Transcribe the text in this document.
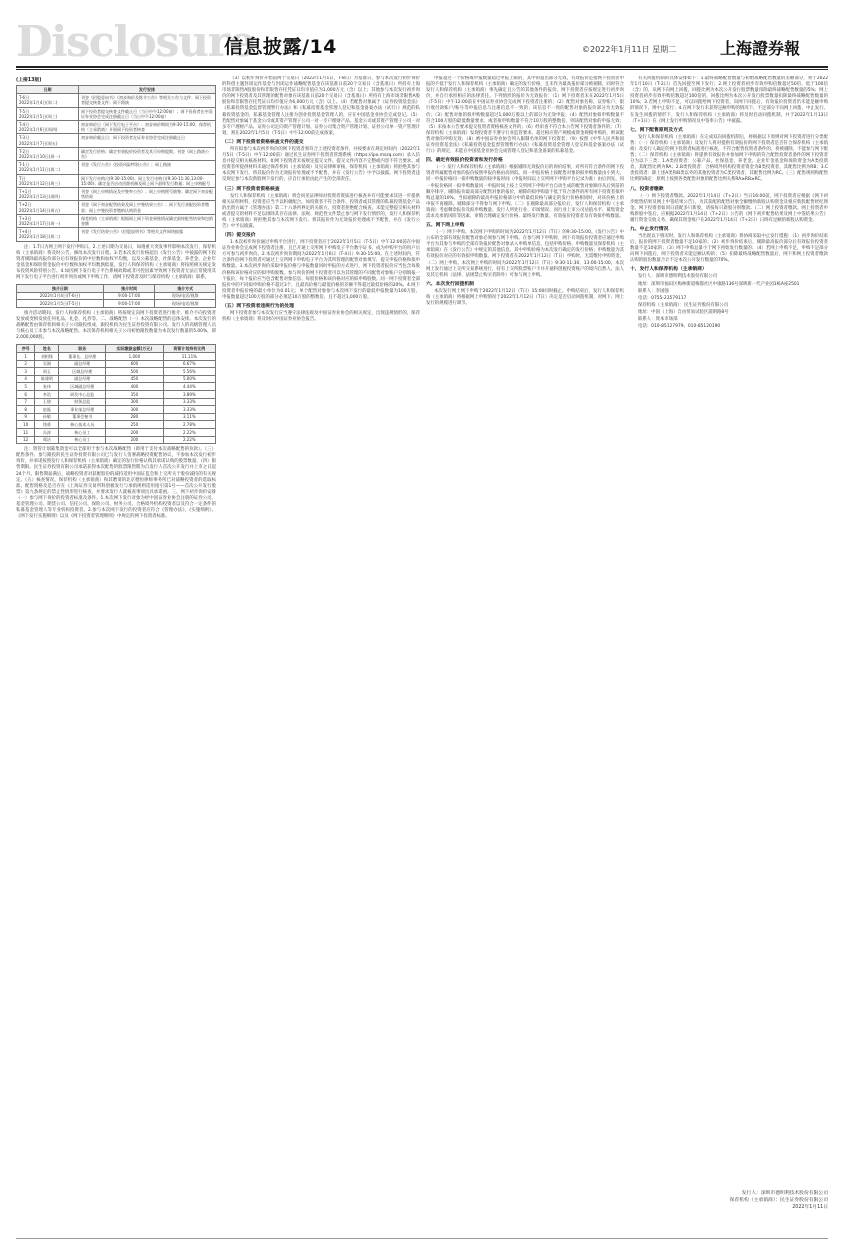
Disclosure
信息披露/14	©2022年1月11日 星期二	上海證券報
(上接13版)
日期	发行安排
T-6日
2022年1月4日(周二)	刊登《招股意向书》《初步询价及推介公告》等相关公告与文件；网下投资者提交核查文件；网下路演
T-5日
2022年1月5日(周三)	网下投资者提交核查文件截止日（当日中午12:00前）；网下投资者在中国证券业协会完成注册截止日（当日中午12:00前）
T-4日
2022年1月6日(周四)	初步询价日（网下发行电子平台）；初步询价期间为9:30-15:00；保荐机构（主承销商）开展网下投资者核查
T-3日
2022年1月7日(周五)	初步询价截止日；网下投资者在证券业协会完成注册截止日
T-2日
2022年1月10日(周一)	确定发行价格；确定有效报价投资者及其可申购股数；刊登《网上路演公告》
T-1日
2022年1月11日(周二)	刊登《发行公告》《投资风险特别公告》；网上路演
T日
2022年1月12日(周三)	网下发行申购日(9:30-15:00)；网上发行申购日(9:30-11:30,13:00-15:00)；确定是否启动回拨机制及网上网下最终发行数量；网上申购配号
T+1日
2022年1月13日(周四)	刊登《网上申购情况及中签率公告》；网上申购摇号抽签；确定网下初步配售结果
T+2日
2022年1月14日(周五)	刊登《网下初步配售结果及网上中签结果公告》；网下发行获配投资者缴款；网上中签投资者缴纳认购资金
T+3日
2022年1月17日(周一)	保荐机构（主承销商）根据网上网下资金到账情况确定最终配售结果和包销金额
T+4日
2022年1月18日(周二)	刊登《发行结果公告》《招股说明书》等相关文件网络披露

注：1.T日为网上网下发行申购日。2.上述日期为交易日，如遇重大突发事件影响本次发行，保荐机构（主承销商）将及时公告，修改本次发行日程。3.若本次发行价格超出《发行公告》中披露的网下投资者剔除最高报价部分后有效报价的中位数和加权平均数，以及公募基金、社保基金、养老金、企业年金基金和保险资金报价中位数和加权平均数孰低值，发行人和保荐机构（主承销商）将按照相关规定发布投资风险特别公告。4.如因网下发行电子平台系统故障或非可控因素导致网下投资者无法正常使用其网下发行电子平台进行初步询价或网下申购工作，请网下投资者及时与保荐机构（主承销商）联系。

推介日期	推介时间	推介方式
2022年1月4日(T-6日)	9:00-17:00	现场/电话/视频
2022年1月5日(T-5日)	9:00-17:00	现场/电话/视频

推介活动期间，发行人和保荐机构（主承销商）将按规定向网下投资者进行推介，推介不向投资者发放或变相发放任何礼品、礼金、礼券等。二、战略配售（一）本次战略配售的总体安排。本次发行的战略配售由保荐机构相关子公司跟投组成，跟投机构为民生证券投资有限公司。发行人的高级管理人员与核心员工未参与本次战略配售。本次保荐机构相关子公司初始跟投数量为本次发行数量的5.00%，即2,000,000股。

序号	姓名	职务	实际缴款金额(万元)	资管计划持有比例
1	刘相锋	董事长、总经理	1,000	11.11%
2	吴刚	副总经理	600	6.67%
3	周玉	区域总经理	500	5.56%
4	陈建明	副总经理	450	5.00%
5	张伟	区域副总经理	400	4.44%
6	李浩	研发中心总监	350	3.89%
7	王倩	财务总监	300	3.33%
8	赵磊	事业部总经理	300	3.33%
9	孙敏	董事会秘书	280	3.11%
10	钱勇	核心技术人员	250	2.78%
11	冯涛	核心员工	200	2.22%
12	郑洁	核心员工	200	2.22%

注：资管计划募集资金可以全部用于参与本次战略配售（即用于支付本次战略配售的价款）。（三）配售条件。参与跟投的民生证券投资有限公司已与发行人签署战略投资配售协议，不参加本次发行初步询价，并承诺按照发行人和保荐机构（主承销商）确定的发行价格认购其承诺认购的股票数量。（四）限售期限。民生证券投资有限公司承诺获得本次配售的股票限售期为自发行人首次公开发行并上市之日起24个月。限售期届满后，战略投资者对获配股份的减持适用中国证监会和上交所关于股份减持的有关规定。（五）核查情况。保荐机构（主承销商）和其聘请的北京德恒律师事务所已对战略投资者的选取标准、配售资格及是否存在《上海证券交易所科创板发行与承销规则适用指引第1号——首次公开发行股票》第九条规定的禁止性情形进行核查，并要求发行人就核查事项出具承诺函。三、网下初步询价安排（一）参与网下询价的投资者标准及条件。1.本次网下发行对象为经中国证券业协会注册的证券公司、基金管理公司、期货公司、信托公司、保险公司、财务公司、合格境外机构投资者以及符合一定条件的私募基金管理人等专业机构投资者。2.参与本次网下发行的投资者应符合《管理办法》、《实施细则》、《网下发行实施细则》以及《网下投资者管理细则》中规定的网下投资者标准。

（3）以初步询价开始前两个交易日（2022年1月1日，T-8日）为基准日，参与本次发行初步询价的科创主题封闭运作基金与封闭运作战略配售基金在该基准日前20个交易日（含基准日）所持有上海市场非限售A股股份和非限售存托凭证日均市值应为1,000万元（含）以上；其他参与本次发行初步询价的网下投资者及其管理的配售对象在该基准日前20个交易日（含基准日）所持有上海市场非限售A股股份和非限售存托凭证日均市值应为6,000万元（含）以上。（4）若配售对象属于《证券投资基金法》《私募投资基金监督管理暂行办法》和《私募投资基金管理人登记和基金备案办法（试行）》规范的私募投资基金的，私募基金管理人注册为创业投资基金管理人的，应在中国基金业协会完成登记。（5）若配售对象属于基金公司或其资产管理子公司一对一专户理财产品、基金公司或其资产管理子公司一对多专户理财产品、证券公司定向资产管理计划、证券公司集合资产管理计划、证券公司单一资产管理计划，须在2022年1月5日（T-5日）中午12:00前完成备案。

（二）网下投资者资格核查文件的提交

所有拟参与本次初步询价的网下投资者须符合上述投资者条件，并按要求在规定时间内（2022年1月5日（T-5日）中午12:00前）通过民生证券网下投资者管理系统（https://ipo.mszq.com）录入信息并提交相关核查材料。如网下投资者未按规定提交文件、提交文件内容不完整或内容不符合要求、或投资者所提供材料未通过保荐机构（主承销商）及见证律师审核，保荐机构（主承销商）将拒绝其参与本次网下发行、将其报价作为无效报价处理或不予配售，并在《发行公告》中予以披露。网下投资者违反规定参与本次新股网下发行的，应自行承担由此产生的全部责任。

（三）网下投资者资格核查

发行人和保荐机构（主承销商）将会同见证律师对投资者资质进行核查并有可能要求其进一步提供相关证明材料，投资者应当予以积极配合。如投资者不符合条件、投资者或其管理的私募投资基金产品的出资方属于《管理办法》第二十六条所界定的关联方、投资者拒绝配合核查、未能完整提交相关材料或者提交的材料不足以排除其存在法律、法规、规范性文件禁止参与网下发行情形的，发行人和保荐机构（主承销商）将拒绝其参与本次网下发行、将其报价作为无效报价处理或不予配售，并在《发行公告》中予以披露。

（四）提交报价

1.本次初步询价通过申购平台进行，网下投资者应于2022年1月5日（T-5日）中午12:00前在中国证券业协会完成网下投资者注册，且已开通上交所网下申购电子平台数字证书，成为申购平台的用户后方可参与初步询价。2.本次初步询价期间为2022年1月6日（T-4日）9:30-15:00。在上述时间内，符合条件的网下投资者可通过上交所网下申购电子平台为其所管理的配售对象填写、提交申报价格和拟申购数量。3.本次初步询价采取申报价格与申报数量同时申报的方式进行，网下投资者报价应当包含每股价格和该价格对应的拟申购股数。参与询价的网下投资者可以为其管理的不同配售对象账户分别填报一个报价，每个报价应当包含配售对象信息、每股价格和该价格对应的拟申购股数。同一网下投资者全部报价中的不同拟申购价格不超过3个，且最高价格与最低价格的差额不得超过最低价格的20%。4.网下投资者申报价格的最小单位为0.01元；单个配售对象参与本次网下发行的最低申报数量为100万股，申报数量超过100万股的部分必须是10万股的整数倍，且不超过1,000万股。

（五）网下投资者违规行为的处理

网下投资者参与本次发行应当遵守法律法规及中国证券业协会的相关规定，出现违规情形的，保荐机构（主承销商）将及时向中国证券业协会报告。

申报超过一个价格或申报数量超过申报上限的，其中的超出部分无效。有效报价是指网下投资者申报的不低于发行人和保荐机构（主承销商）确定的发行价格，且未作为最高报价部分被剔除，同时符合发行人和保荐机构（主承销商）事先确定且公告的其他条件的报价。网下投资者应按规定进行初步询价，并自行承担相应的法律责任。下列情形的报价为无效报价：（1）网下投资者未在2022年1月5日（T-5日）中午12:00前在中国证券业协会完成网下投资者注册的；（2）配售对象名称、证券账户、银行收付款账户/账号等申报信息与注册信息不一致的；该信息不一致的配售对象的报价部分为无效报价；（3）配售对象的拟申购数量超过1,000万股以上的部分为无效申报；（4）配售对象拟申购数量不符合100万股的最低数量要求，或者拟申购数量不符合10万股的整数倍，则该配售对象的申报无效；（5）未按本公告要求提交投资者资格核查文件的；（6）经审查不符合本公告网下投资者条件的；（7）保荐机构（主承销商）发现投资者不遵守行业监管要求、超过相应资产规模或资金规模申购的，则该配售对象的申购无效；（8）被中国证券业协会列入限制名单的网下投资者；（9）按照《中华人民共和国证券投资基金法》《私募投资基金监督管理暂行办法》《私募投资基金管理人登记和基金备案办法（试行）》的规定，未能在中国基金业协会完成管理人登记和基金备案的私募基金。

四、确定有效报价投资者和发行价格

（一）发行人和保荐机构（主承销商）根据剔除无效报价后的询价结果，对所有符合条件的网下投资者所属配售对象的报价按照申报价格由高到低、同一申报价格上按配售对象的拟申购数量由小到大、同一申报价格同一拟申购数量的按申报时间（申报时间以上交所网下申购平台记录为准）由后到先、同一申报价格同一拟申购数量同一申报时间上按上交所网下申购平台自动生成的配售对象顺序从后到前的顺序排序，剔除报价最高部分配售对象的报价，剔除的拟申购量不低于符合条件的所有网下投资者拟申购总量的10%。当拟剔除的最高申报价格部分中的最低价格与确定的发行价格相同时，对该价格上的申报不再剔除。剔除部分不得参与网下申购。（二）在剔除最高部分报价后，发行人和保荐机构（主承销商）考虑剩余报价及拟申购数量、发行人所处行业、市场情况、同行业上市公司估值水平、募集资金需求及承销风险等因素，审慎合理确定发行价格、最终发行数量、有效报价投资者及有效拟申购数量。

五、网下网上申购

（一）网下申购。本次网下申购的时间为2022年1月12日（T日）的9:30-15:00。《发行公告》中公布的全部有效报价配售对象必须参与网下申购。在参与网下申购时，网下有效报价投资者应通过申购平台为其参与申购的全部有效报价配售对象录入申购单信息，包括申购价格、申购数量及保荐机构（主承销商）在《发行公告》中规定的其他信息。其中申购价格为本次发行确定的发行价格；申购数量为其有效报价对应的有效拟申购数量。网下投资者在2022年1月12日（T日）申购时，无需缴付申购资金。（二）网上申购。本次网上申购的时间为2022年1月12日（T日）9:30-11:30、13:00-15:00。本次网上发行通过上交所交易系统进行，持有上交所股票账户卡并开通科创板投资账户的境内自然人、法人及其它机构（法律、法规禁止购买者除外）可参与网上申购。

六、本次发行回拨机制

本次发行网上网下申购于2022年1月12日（T日）15:00同时截止。申购结束后，发行人和保荐机构（主承销商）将根据网上申购情况于2022年1月12日（T日）决定是否启动回拨机制，对网下、网上发行的规模进行调节。

有关回拨机制的具体安排如下：1.最终战略配售数量与初始战略配售数量的差额部分，将于2022年1月10日（T-2日）首先回拨至网下发行；2.网上投资者初步有效申购倍数超过50倍、低于100倍（含）的，从网下向网上回拨，回拨比例为本次公开发行股票数量扣除最终战略配售数量的5%；网上投资者初步有效申购倍数超过100倍的，回拨比例为本次公开发行股票数量扣除最终战略配售数量的10%；3.若网上申购不足，可以回拨给网下投资者，向网下回拨后，有效报价投资者仍未能足额申购的情况下，则中止发行；4.在网下发行未获得足额申购的情况下，不足部分不向网上回拨，中止发行。在发生回拨的情形下，发行人和保荐机构（主承销商）将及时启动回拨机制，并于2022年1月13日（T+1日）在《网上发行申购情况及中签率公告》中披露。

七、网下配售原则及方式

发行人和保荐机构（主承销商）在完成双向回拨机制后，将根据以下原则对网下投资者进行分类配售：（一）保荐机构（主承销商）及发行人将对提供有效报价的网下投资者是否符合保荐机构（主承销商）及发行人确定的网下投资者标准进行核查，不符合配售投资者条件的，将被剔除，不能参与网下配售；（二）保荐机构（主承销商）将提供有效报价并参加网下申购的符合配售投资者条件的网下投资者分为以下三类：1.A类投资者：公募产品、社保基金、养老金、企业年金基金和保险资金为A类投资者，其配售比例为RA；2.B类投资者：合格境外机构投资者资金为B类投资者，其配售比例为RB；3.C类投资者：除上述A类和B类以外的其他投资者为C类投资者，其配售比例为RC。（三）配售规则和配售比例的确定：原则上按照各类配售对象的配售比例关系RA≥RB≥RC。

八、投资者缴款

（一）网下投资者缴款。2022年1月14日（T+2日）当日16:00前，网下投资者应根据《网下初步配售结果及网上中签结果公告》，为其获配的配售对象全额缴纳新股认购资金及相应新股配售经纪佣金。网下投资者如同日获配多只新股，请按每只新股分别缴款。（二）网上投资者缴款。网上投资者申购新股中签后，应根据2022年1月14日（T+2日）公告的《网下初步配售结果及网上中签结果公告》履行资金交收义务，确保其资金账户在2022年1月14日（T+2日）日终有足额的新股认购资金。

九、中止发行情况

当出现以下情况时，发行人和保荐机构（主承销商）将协商采取中止发行措施：（1）初步询价结束后，报价的网下投资者数量不足10家的；（2）初步询价结束后，剔除最高报价部分后有效报价投资者数量不足10家的；（3）网下申购总量小于网下初始发行数量的；（4）若网上申购不足，申购不足部分向网下回拨后，网下投资者未能足额认购的；（5）扣除最终战略配售数量后，网下和网上投资者缴款认购的股份数量合计不足本次公开发行数量的70%。

十、发行人和保荐机构（主承销商）

发行人：深圳市德明利技术股份有限公司

地址：深圳市福田区梅林街道梅都社区中康路136号深圳新一代产业园1栋A座2501

联系人：李国强

电话：0755-23579117

保荐机构（主承销商）：民生证券股份有限公司

地址：中国（上海）自由贸易试验区浦明路8号

联系人：资本市场部

电话：010-85127979、010-85120190

发行人：深圳市德明利技术股份有限公司
保荐机构（主承销商）：民生证券股份有限公司
2022年1月11日
